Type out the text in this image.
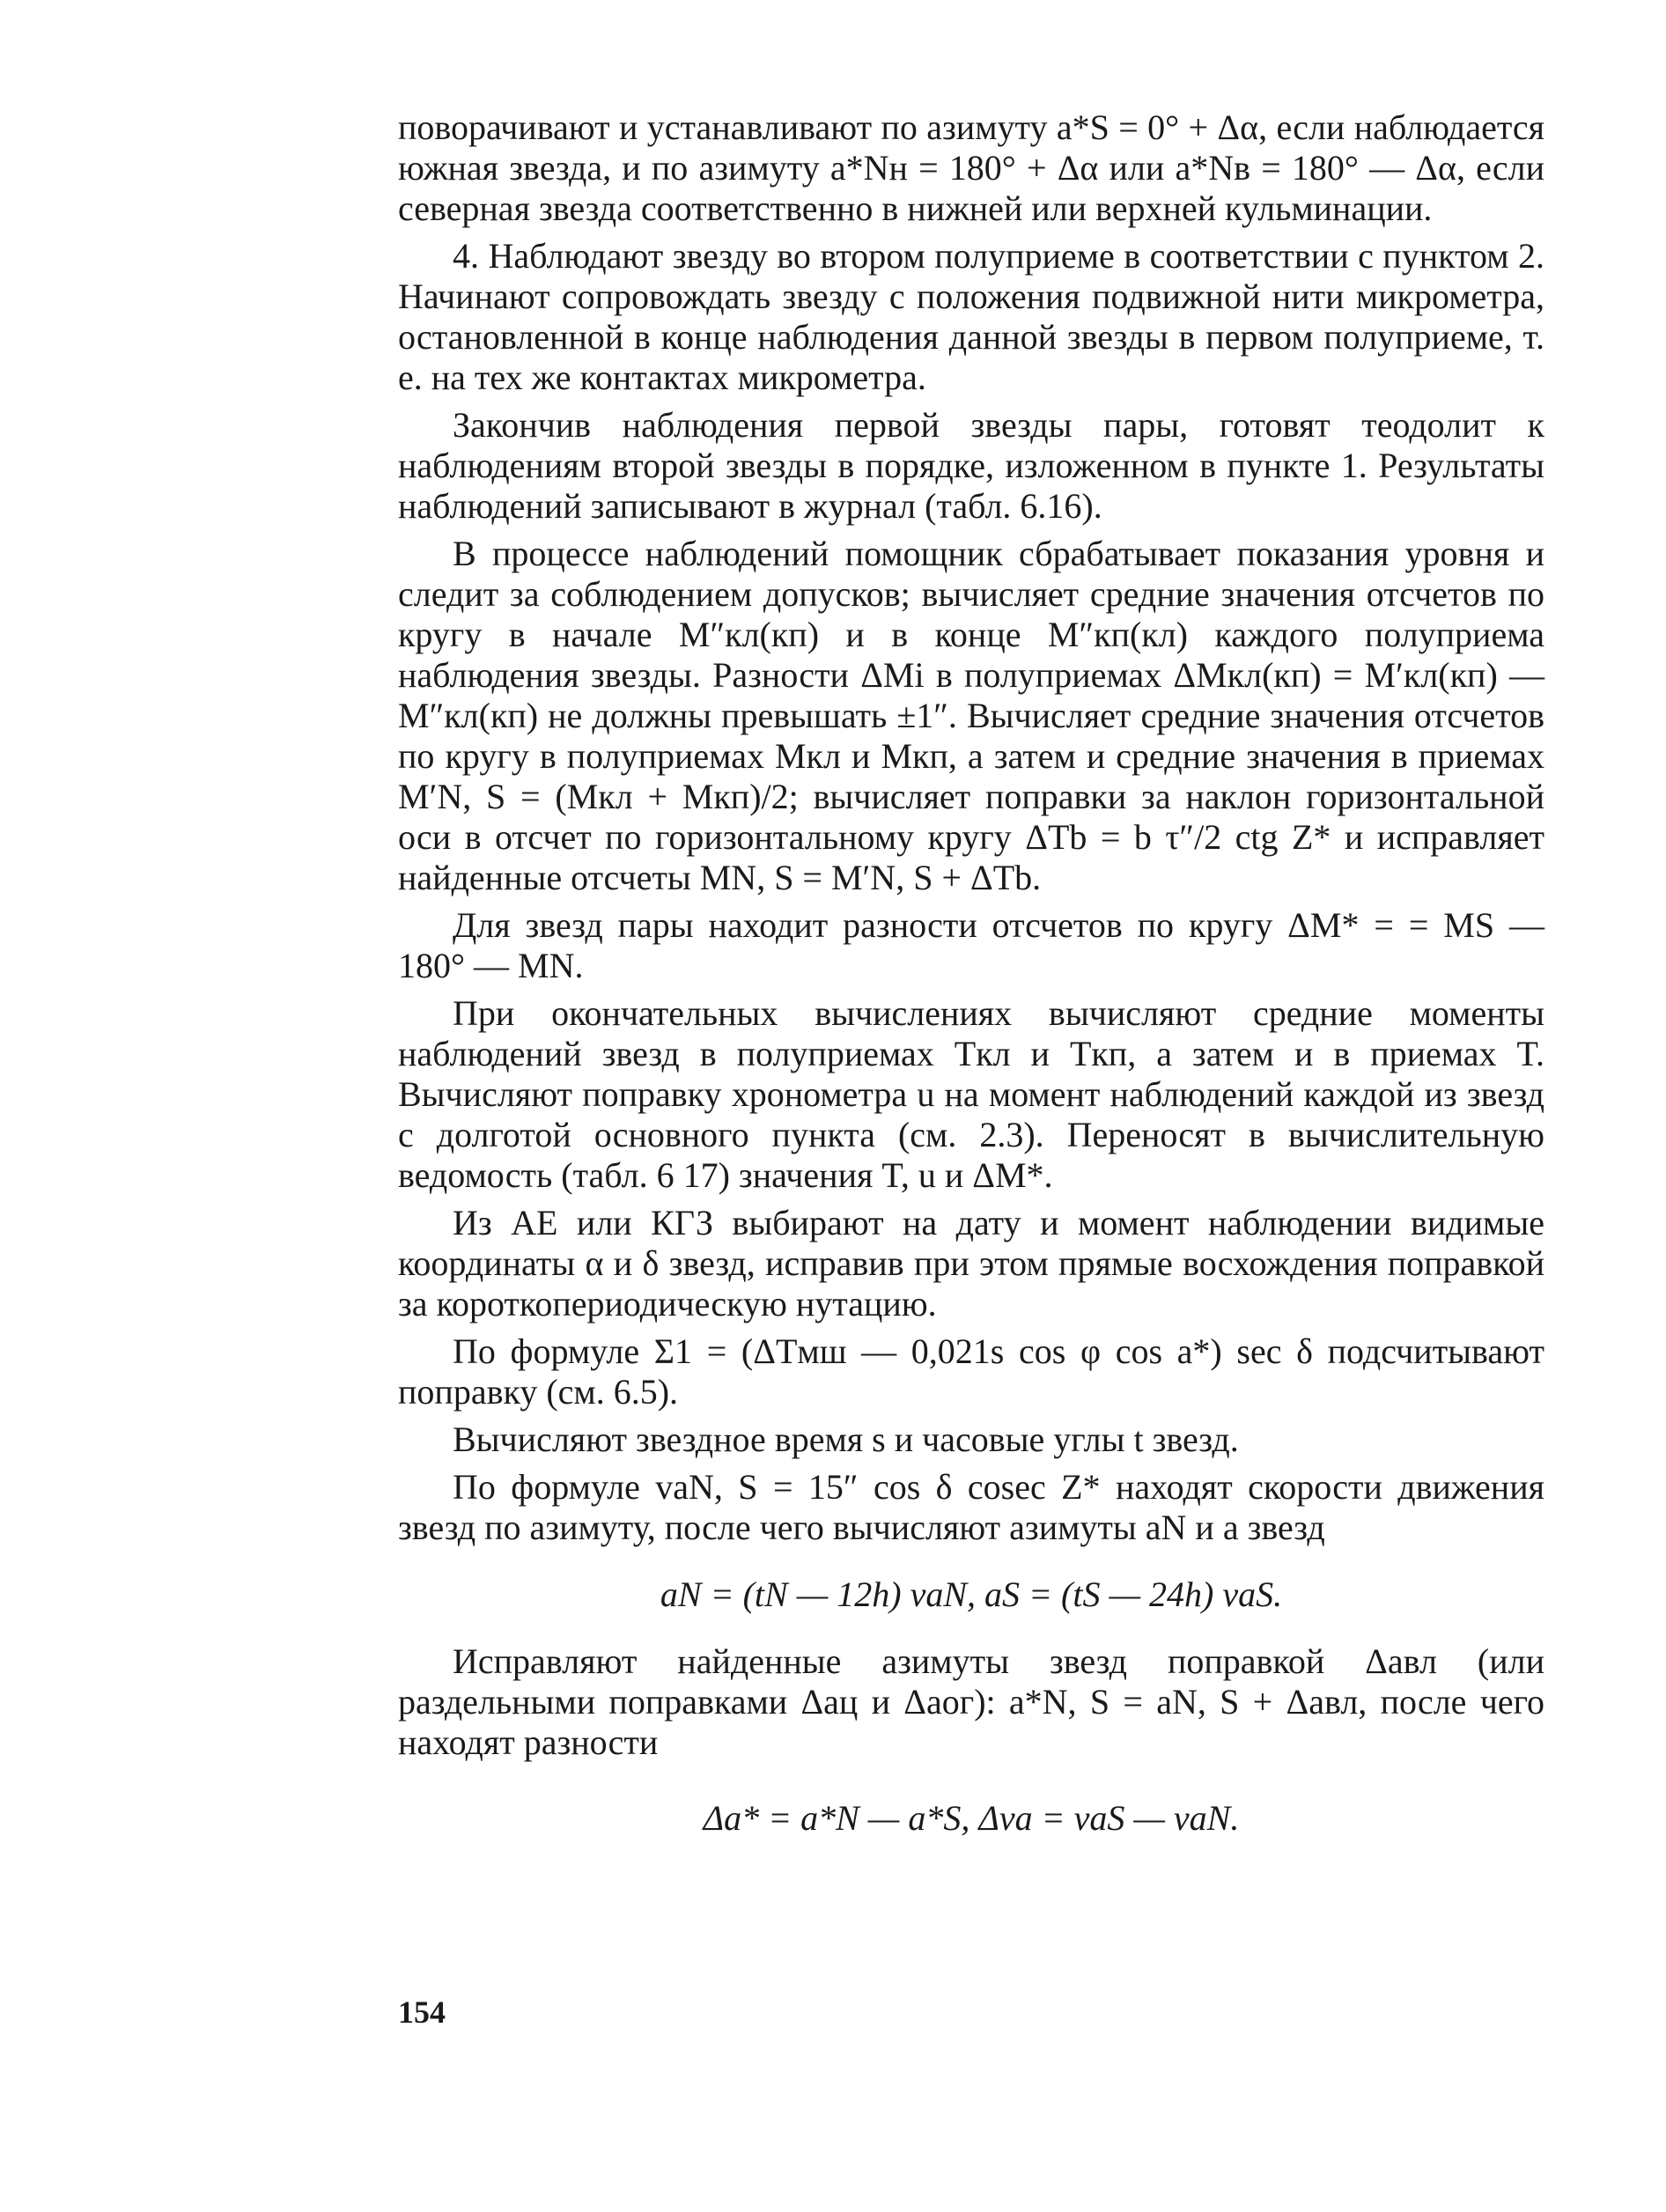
поворачивают и устанавливают по азимуту a*S = 0° + Δα, если наблюдается южная звезда, и по азимуту a*Nн = 180° + Δα или a*Nв = 180° — Δα, если северная звезда соответственно в нижней или верхней кульминации.

4. Наблюдают звезду во втором полуприеме в соответствии с пунктом 2. Начинают сопровождать звезду с положения подвижной нити микрометра, остановленной в конце наблюдения данной звезды в первом полуприеме, т. е. на тех же контактах микрометра.

Закончив наблюдения первой звезды пары, готовят теодолит к наблюдениям второй звезды в порядке, изложенном в пункте 1. Результаты наблюдений записывают в журнал (табл. 6.16).

В процессе наблюдений помощник сбрабатывает показания уровня и следит за соблюдением допусков; вычисляет средние значения отсчетов по кругу в начале M″кл(кп) и в конце M″кп(кл) каждого полуприема наблюдения звезды. Разности ΔMi в полуприемах ΔMкл(кп) = M′кл(кп) — M″кл(кп) не должны превышать ±1″. Вычисляет средние значения отсчетов по кругу в полуприемах Mкл и Mкп, а затем и средние значения в приемах M′N, S = (Mкл + Mкп)/2; вычисляет поправки за наклон горизонтальной оси в отсчет по горизонтальному кругу ΔTb = b τ″/2 ctg Z* и исправляет найденные отсчеты MN, S = M′N, S + ΔTb.

Для звезд пары находит разности отсчетов по кругу ΔM* = = MS — 180° — MN.

При окончательных вычислениях вычисляют средние моменты наблюдений звезд в полуприемах Tкл и Tкп, а затем и в приемах T. Вычисляют поправку хронометра u на момент наблюдений каждой из звезд с долготой основного пункта (см. 2.3). Переносят в вычислительную ведомость (табл. 6 17) значения T, u и ΔM*.

Из АЕ или КГЗ выбирают на дату и момент наблюдении видимые координаты α и δ звезд, исправив при этом прямые восхождения поправкой за короткопериодическую нутацию.

По формуле Σ1 = (ΔTмш — 0,021s cos φ cos a*) sec δ подсчитывают поправку (см. 6.5).

Вычисляют звездное время s и часовые углы t звезд.

По формуле vaN, S = 15″ cos δ cosec Z* находят скорости движения звезд по азимуту, после чего вычисляют азимуты aN и a звезд

aN = (tN — 12h) vaN, aS = (tS — 24h) vaS.

Исправляют найденные азимуты звезд поправкой Δaвл (или раздельными поправками Δaц и Δaог): a*N, S = aN, S + Δaвл, после чего находят разности

Δa* = a*N — a*S, Δva = vaS — vaN.
154
